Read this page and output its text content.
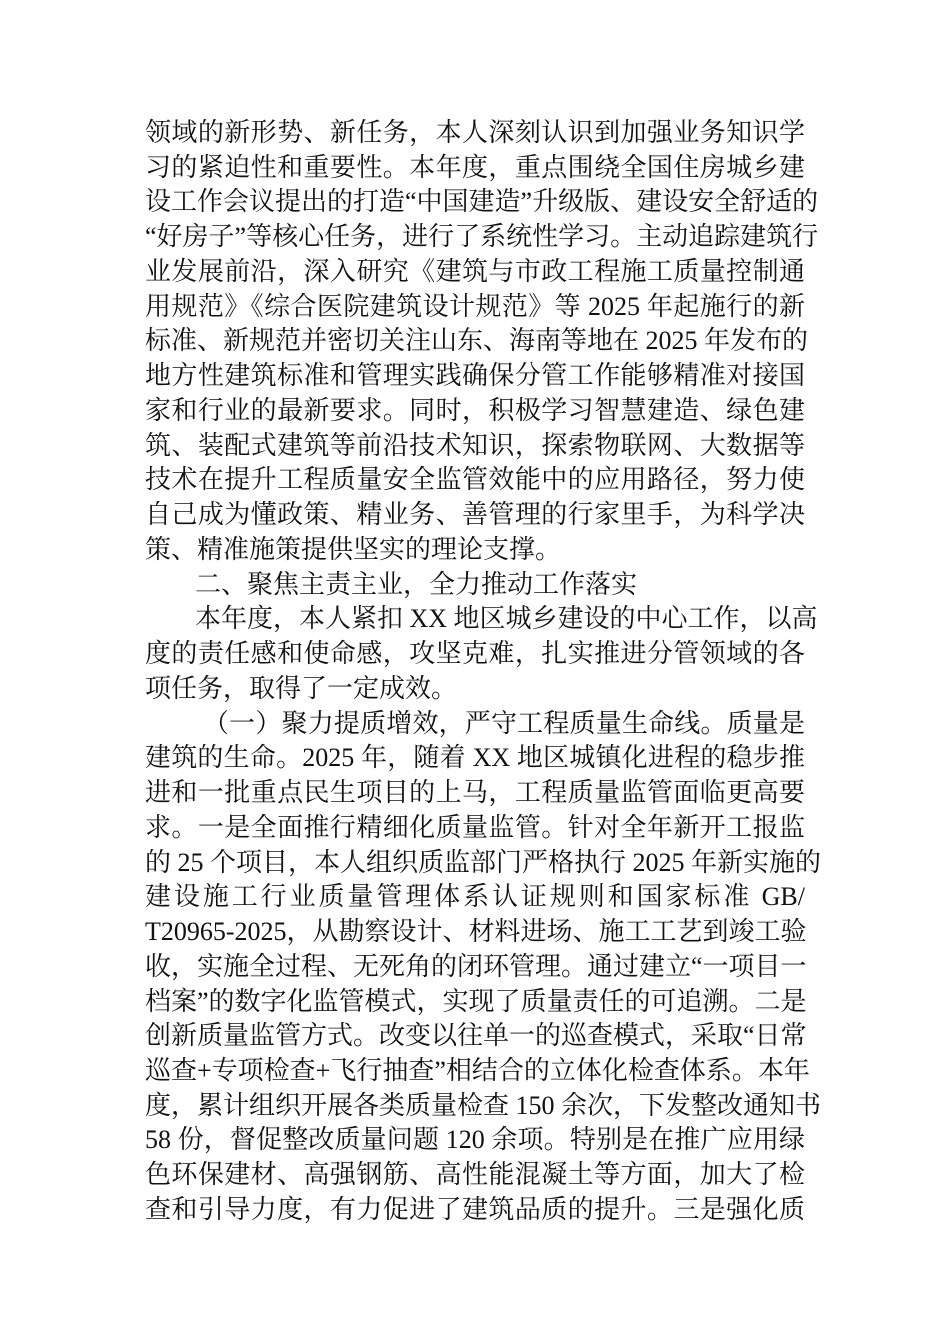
领域的新形势、新任务，本人深刻认识到加强业务知识学
习的紧迫性和重要性。本年度，重点围绕全国住房城乡建
设工作会议提出的打造“中国建造”升级版、建设安全舒适的
“好房子”等核心任务，进行了系统性学习。主动追踪建筑行
业发展前沿，深入研究《建筑与市政工程施工质量控制通
用规范》《综合医院建筑设计规范》等 2025 年起施行的新
标准、新规范并密切关注山东、海南等地在 2025 年发布的
地方性建筑标准和管理实践确保分管工作能够精准对接国
家和行业的最新要求。同时，积极学习智慧建造、绿色建
筑、装配式建筑等前沿技术知识，探索物联网、大数据等
技术在提升工程质量安全监管效能中的应用路径，努力使
自己成为懂政策、精业务、善管理的行家里手，为科学决
策、精准施策提供坚实的理论支撑。
二、聚焦主责主业，全力推动工作落实
本年度，本人紧扣 XX 地区城乡建设的中心工作，以高
度的责任感和使命感，攻坚克难，扎实推进分管领域的各
项任务，取得了一定成效。
（一）聚力提质增效，严守工程质量生命线。质量是
建筑的生命。2025 年，随着 XX 地区城镇化进程的稳步推
进和一批重点民生项目的上马，工程质量监管面临更高要
求。一是全面推行精细化质量监管。针对全年新开工报监
的 25 个项目，本人组织质监部门严格执行 2025 年新实施的
建设施工行业质量管理体系认证规则和国家标准 GB/
T20965-2025，从勘察设计、材料进场、施工工艺到竣工验
收，实施全过程、无死角的闭环管理。通过建立“一项目一
档案”的数字化监管模式，实现了质量责任的可追溯。二是
创新质量监管方式。改变以往单一的巡查模式，采取“日常
巡查+专项检查+飞行抽查”相结合的立体化检查体系。本年
度，累计组织开展各类质量检查 150 余次，下发整改通知书
58 份，督促整改质量问题 120 余项。特别是在推广应用绿
色环保建材、高强钢筋、高性能混凝土等方面，加大了检
查和引导力度，有力促进了建筑品质的提升。三是强化质
